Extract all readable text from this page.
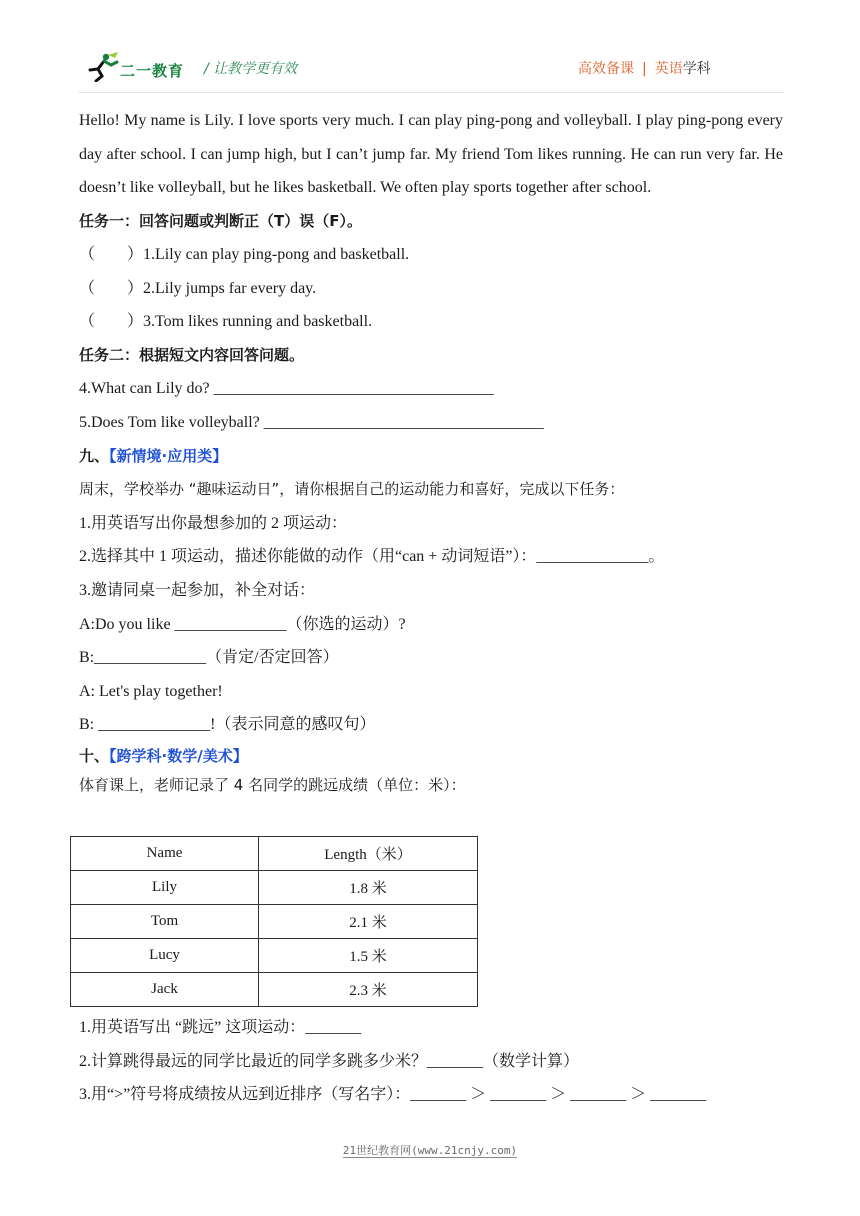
二一教育 / 让教学更有效	高效备课 | 英语学科

Hello! My name is Lily. I love sports very much. I can play ping-pong and volleyball. I play ping-pong every day after school. I can jump high, but I can’t jump far. My friend Tom likes running. He can run very far. He doesn’t like volleyball, but he likes basketball. We often play sports together after school.

任务一：回答问题或判断正（T）误（F）。
（　　）1.Lily can play ping-pong and basketball.
（　　）2.Lily jumps far every day.
（　　）3.Tom likes running and basketball.
任务二：根据短文内容回答问题。
4.What can Lily do? ___________________________________
5.Does Tom like volleyball? ___________________________________
九、【新情境·应用类】
周末，学校举办 “趣味运动日”，请你根据自己的运动能力和喜好，完成以下任务：
1.用英语写出你最想参加的 2 项运动：
2.选择其中 1 项运动，描述你能做的动作（用“can + 动词短语”）：______________。
3.邀请同桌一起参加，补全对话：
A:Do you like ______________（你选的运动）?
B:______________（肯定/否定回答）
A: Let's play together!
B: ______________!（表示同意的感叹句）
十、【跨学科·数学/美术】
体育课上，老师记录了 4 名同学的跳远成绩（单位：米）：
Name	Length（米）
Lily	1.8 米
Tom	2.1 米
Lucy	1.5 米
Jack	2.3 米
1.用英语写出 “跳远” 这项运动：_______
2.计算跳得最远的同学比最近的同学多跳多少米？_______（数学计算）
3.用“>”符号将成绩按从远到近排序（写名字）：_______ ＞ _______ ＞ _______ ＞ _______
21世纪教育网(www.21cnjy.com)
